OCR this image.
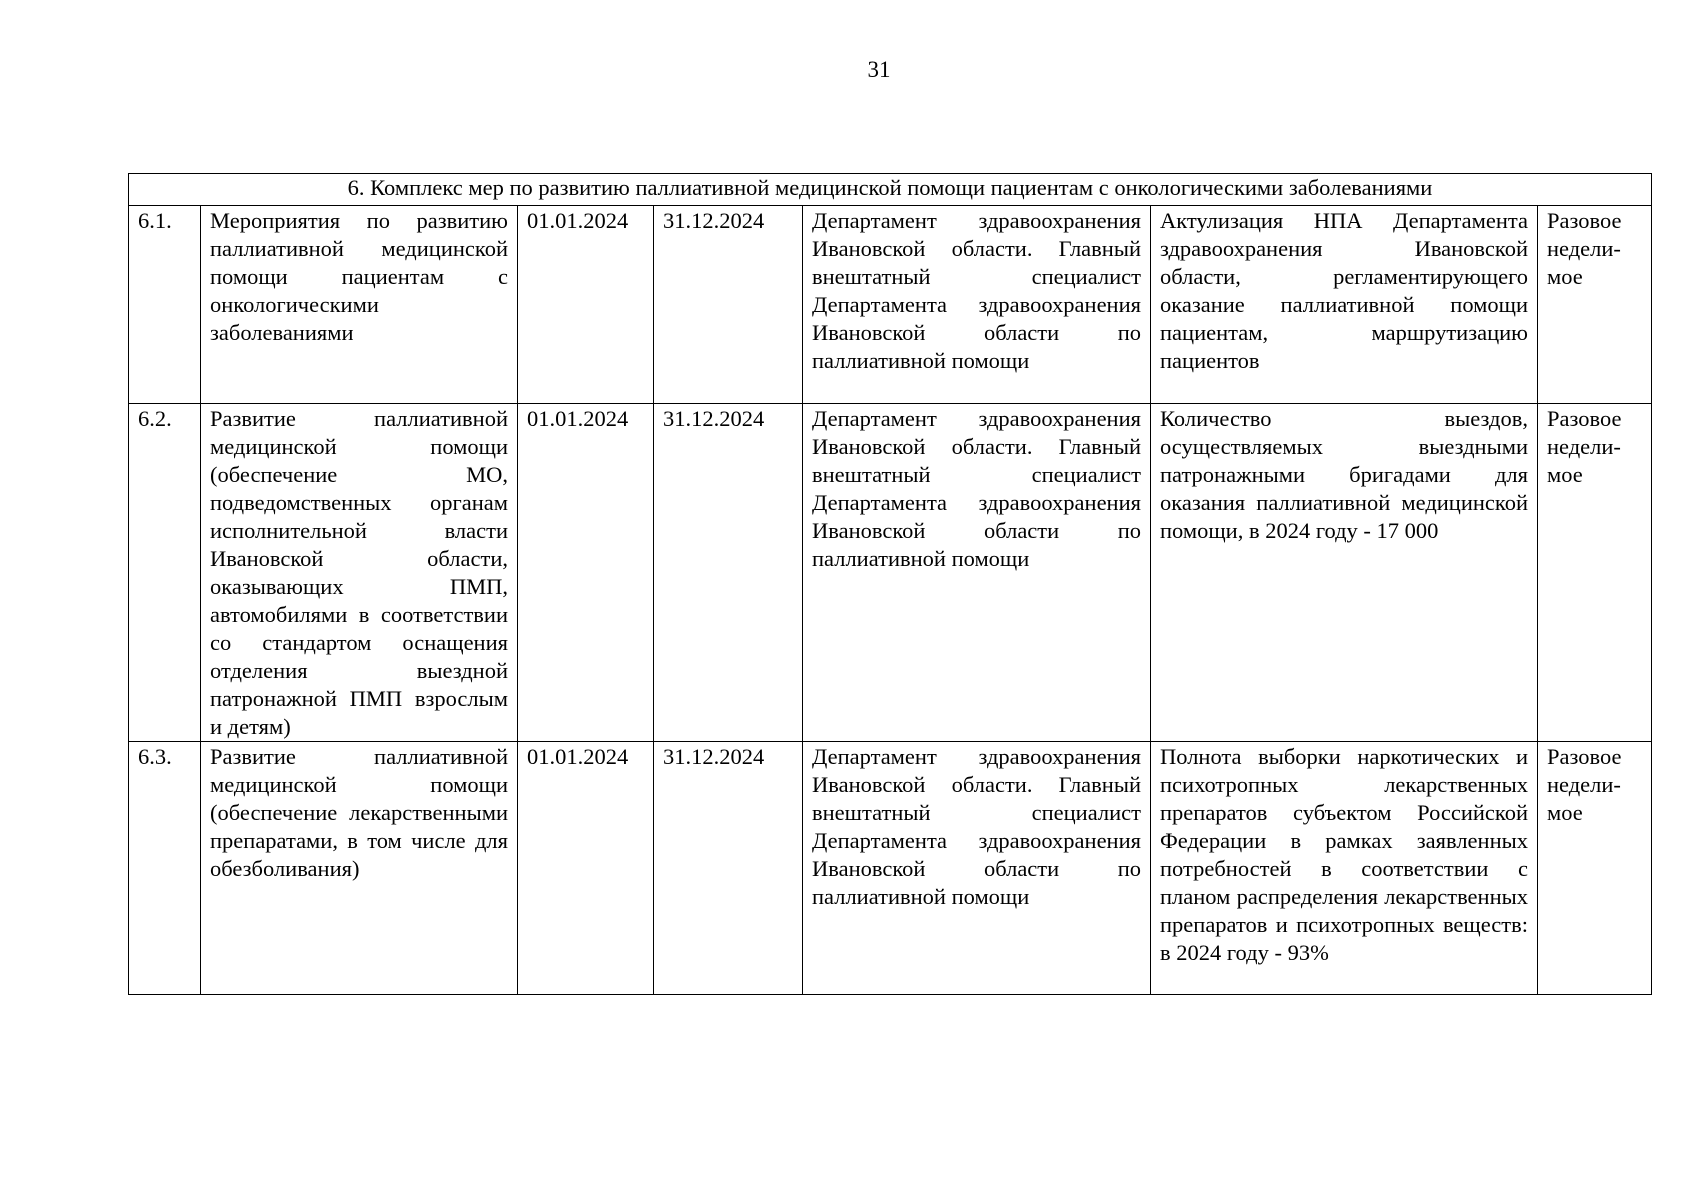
31
6. Комплекс мер по развитию паллиативной медицинской помощи пациентам с онкологическими заболеваниями						
6.1.	Мероприятия по развитию паллиативной медицинской помощи пациентам с онкологическими заболеваниями	01.01.2024	31.12.2024	Департамент здравоохранения Ивановской области. Главный внештатный специалист Департамента здравоохранения Ивановской области по паллиативной помощи	Актулизация НПА Департамента здравоохранения Ивановской области, регламентирующего оказание паллиативной помощи пациентам, маршрутизацию пациентов	Разовое недели-мое
6.2.	Развитие паллиативной медицинской помощи (обеспечение МО, подведомственных органам исполнительной власти Ивановской области, оказывающих ПМП, автомобилями в соответствии со стандартом оснащения отделения выездной патронажной ПМП взрослым и детям)	01.01.2024	31.12.2024	Департамент здравоохранения Ивановской области. Главный внештатный специалист Департамента здравоохранения Ивановской области по паллиативной помощи	Количество выездов, осуществляемых выездными патронажными бригадами для оказания паллиативной медицинской помощи, в 2024 году - 17 000	Разовое недели-мое
6.3.	Развитие паллиативной медицинской помощи (обеспечение лекарственными препаратами, в том числе для обезболивания)	01.01.2024	31.12.2024	Департамент здравоохранения Ивановской области. Главный внештатный специалист Департамента здравоохранения Ивановской области по паллиативной помощи	Полнота выборки наркотических и психотропных лекарственных препаратов субъектом Российской Федерации в рамках заявленных потребностей в соответствии с планом распределения лекарственных препаратов и психотропных веществ: в 2024 году - 93%	Разовое недели-мое
